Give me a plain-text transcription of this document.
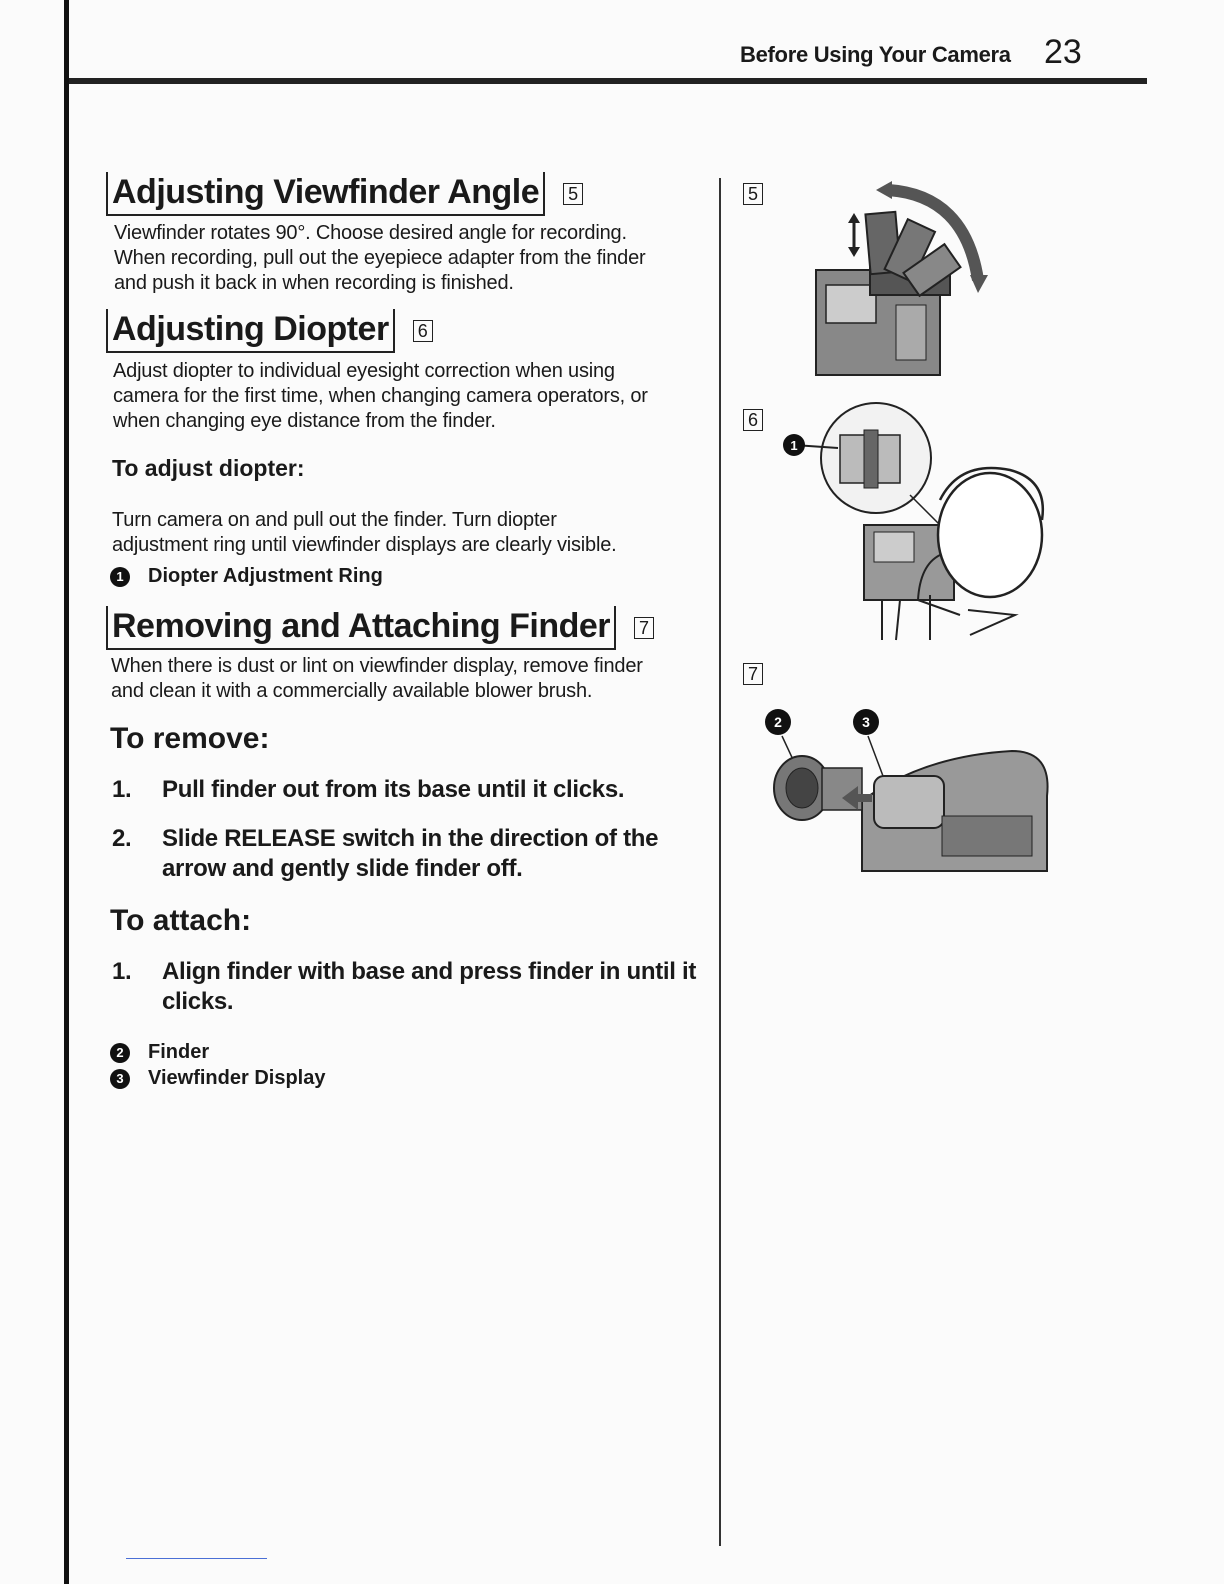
Before Using Your Camera 23
Adjusting Viewfinder Angle	5
Viewfinder rotates 90°. Choose desired angle for recording.
When recording, pull out the eyepiece adapter from the finder
and push it back in when recording is finished.
Adjusting Diopter	6
Adjust diopter to individual eyesight correction when using
camera for the first time, when changing camera operators, or
when changing eye distance from the finder.
To adjust diopter:
Turn camera on and pull out the finder. Turn diopter
adjustment ring until viewfinder displays are clearly visible.
1	Diopter Adjustment Ring
Removing and Attaching Finder	7
When there is dust or lint on viewfinder display, remove finder
and clean it with a commercially available blower brush.
To remove:
1. Pull finder out from its base until it clicks.
2. Slide RELEASE switch in the direction of the arrow and gently slide finder off.
To attach:
1. Align finder with base and press finder in until it clicks.
2	Finder
3	Viewfinder Display
5
6
1
7
2	3
